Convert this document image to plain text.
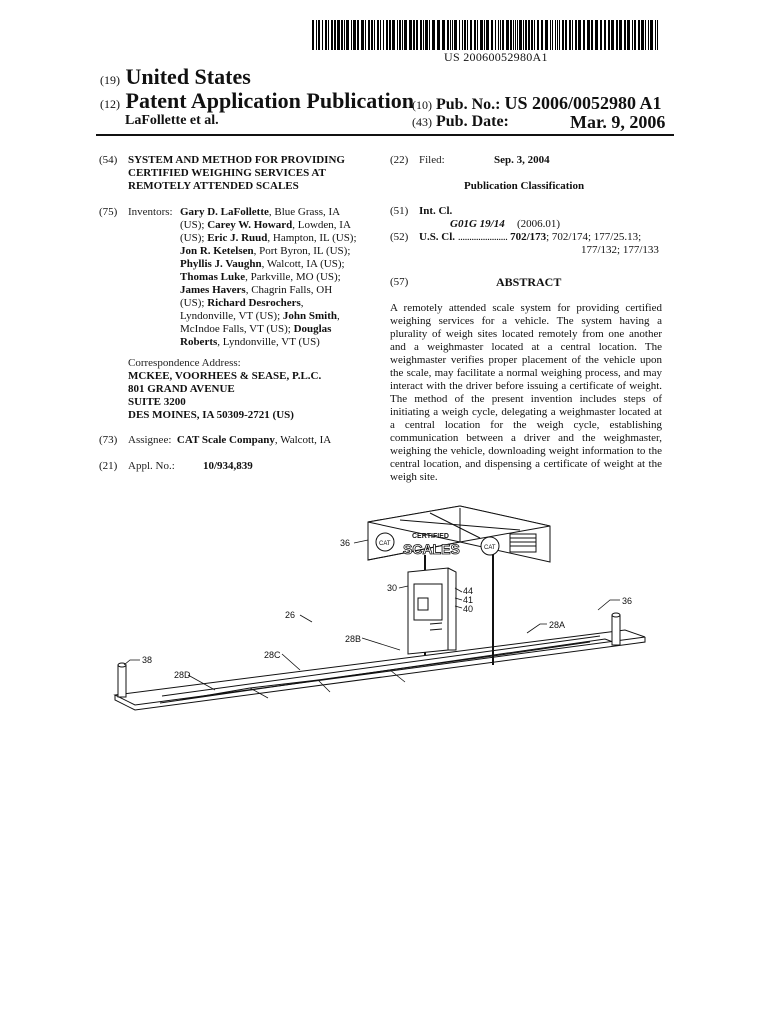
US 20060052980A1
(19) United States
(12) Patent Application Publication
LaFollette et al.
(10) Pub. No.: US 2006/0052980 A1
(43) Pub. Date:	Mar. 9, 2006
(54) SYSTEM AND METHOD FOR PROVIDING
CERTIFIED WEIGHING SERVICES AT
REMOTELY ATTENDED SCALES
(75) Inventors: Gary D. LaFollette, Blue Grass, IA
(US); Carey W. Howard, Lowden, IA
(US); Eric J. Ruud, Hampton, IL (US);
Jon R. Ketelsen, Port Byron, IL (US);
Phyllis J. Vaughn, Walcott, IA (US);
Thomas Luke, Parkville, MO (US);
James Havers, Chagrin Falls, OH
(US); Richard Desrochers,
Lyndonville, VT (US); John Smith,
McIndoe Falls, VT (US); Douglas
Roberts, Lyndonville, VT (US)
Correspondence Address:
MCKEE, VOORHEES & SEASE, P.L.C.
801 GRAND AVENUE
SUITE 3200
DES MOINES, IA 50309-2721 (US)
(73) Assignee: CAT Scale Company, Walcott, IA
(21) Appl. No.:	10/934,839
(22) Filed:	Sep. 3, 2004
Publication Classification
(51) Int. Cl.
G01G 19/14 (2006.01)
(52) U.S. Cl. ...................... 702/173; 702/174; 177/25.13;
177/132; 177/133
(57)	ABSTRACT
A remotely attended scale system for providing certified weighing services for a vehicle. The system having a plurality of weigh sites located remotely from one another and a weighmaster located at a central location. The weighmaster verifies proper placement of the vehicle upon the scale, may facilitate a normal weighing process, and may interact with the driver before issuing a certificate of weight. The method of the present invention includes steps of initiating a weigh cycle, delegating a weighmaster located at a central location for the weigh cycle, establishing communication between a driver and the weighmaster, weighing the vehicle, downloading weight information to the central location, and dispensing a certificate of weight at the weigh site.
CERTIFIED
SCALES
CAT
CAT
36
30	44
41
40
26
36
28A
28B
28C
28D
38
